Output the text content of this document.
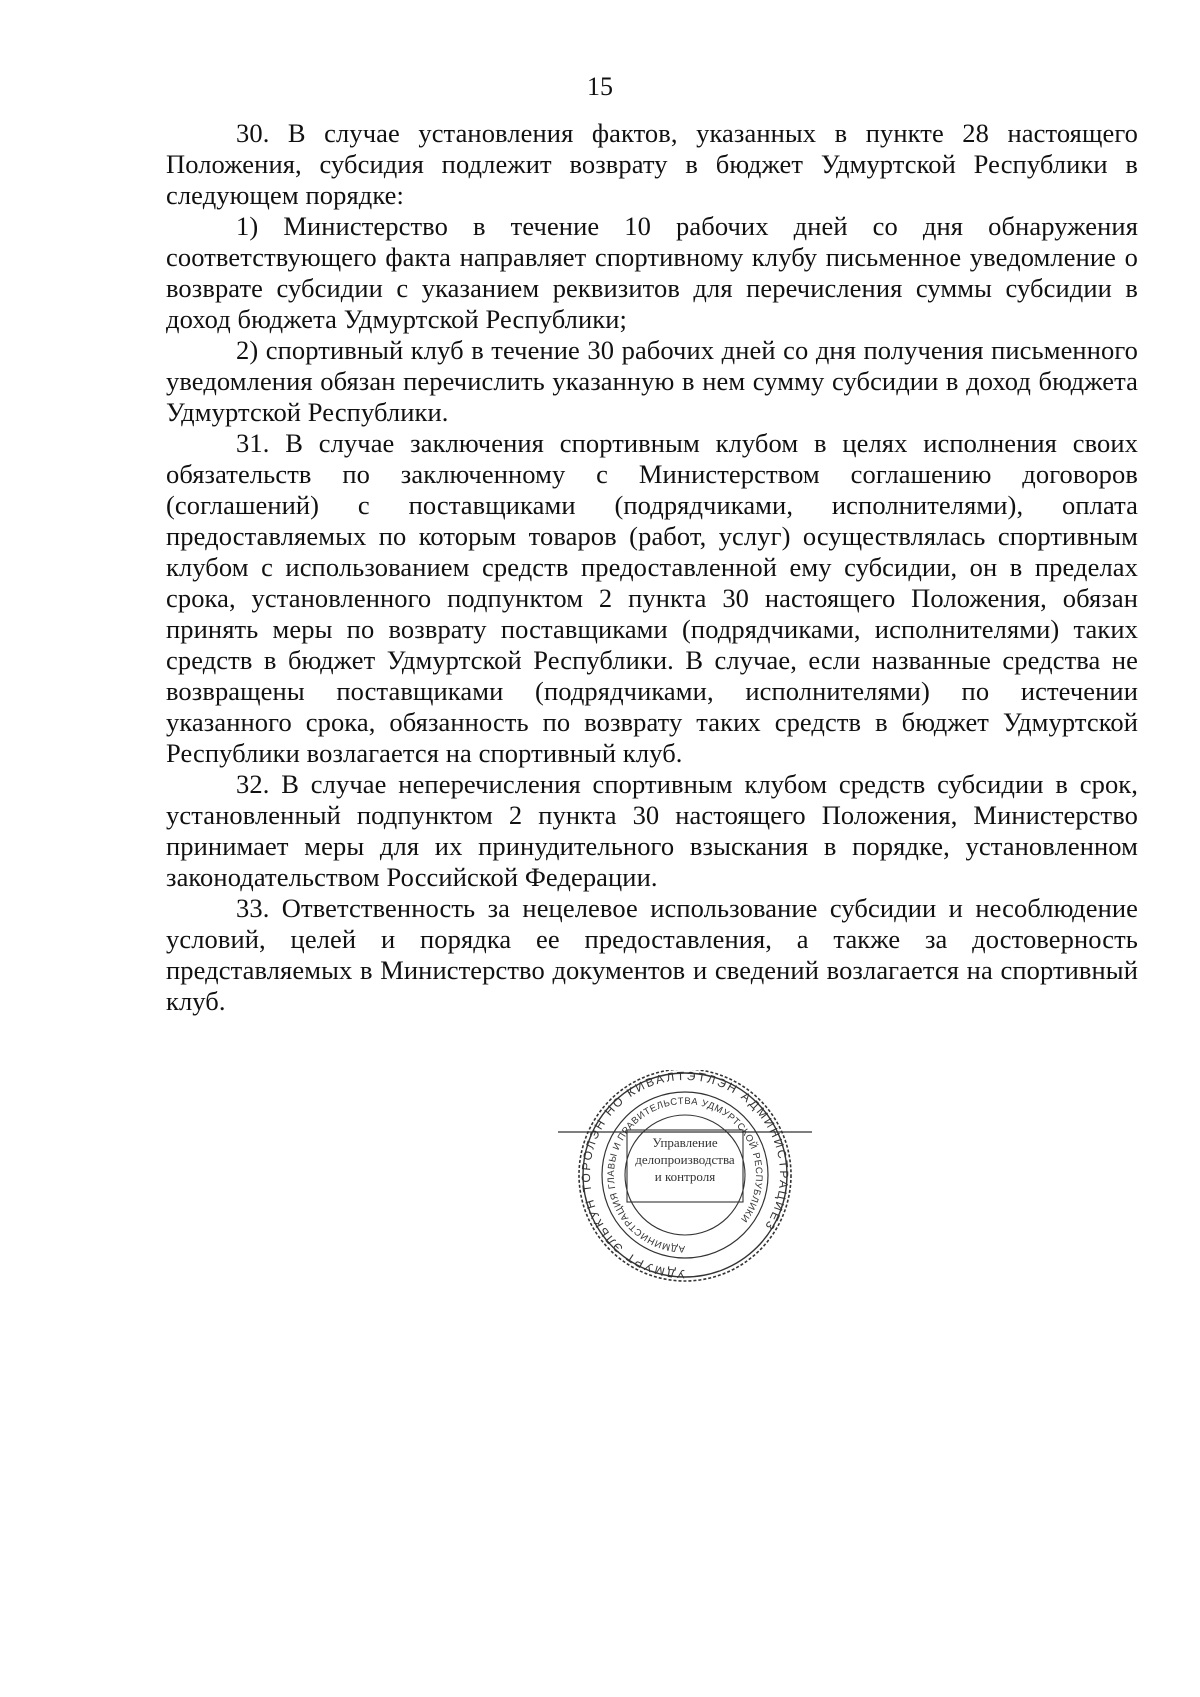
15

30. В случае установления фактов, указанных в пункте 28 настоящего Положения, субсидия подлежит возврату в бюджет Удмуртской Республики в следующем порядке:

1) Министерство в течение 10 рабочих дней со дня обнаружения соответствующего факта направляет спортивному клубу письменное уведомление о возврате субсидии с указанием реквизитов для перечисления суммы субсидии в доход бюджета Удмуртской Республики;

2) спортивный клуб в течение 30 рабочих дней со дня получения письменного уведомления обязан перечислить указанную в нем сумму субсидии в доход бюджета Удмуртской Республики.

31. В случае заключения спортивным клубом в целях исполнения своих обязательств по заключенному с Министерством соглашению договоров (соглашений) с поставщиками (подрядчиками, исполнителями), оплата предоставляемых по которым товаров (работ, услуг) осуществлялась спортивным клубом с использованием средств предоставленной ему субсидии, он в пределах срока, установленного подпунктом 2 пункта 30 настоящего Положения, обязан принять меры по возврату поставщиками (подрядчиками, исполнителями) таких средств в бюджет Удмуртской Республики. В случае, если названные средства не возвращены поставщиками (подрядчиками, исполнителями) по истечении указанного срока, обязанность по возврату таких средств в бюджет Удмуртской Республики возлагается на спортивный клуб.

32. В случае неперечисления спортивным клубом средств субсидии в срок, установленный подпунктом 2 пункта 30 настоящего Положения, Министерство принимает меры для их принудительного взыскания в порядке, установленном законодательством Российской Федерации.

33. Ответственность за нецелевое использование субсидии и несоблюдение условий, целей и порядка ее предоставления, а также за достоверность представляемых в Министерство документов и сведений возлагается на спортивный клуб.

УДМУРТ ЭЛЬКУН ТОРОЛЭН НО КИВАЛТЭТЛЭН АДМИНИСТРАЦИЕЗ
АДМИНИСТРАЦИЯ ГЛАВЫ И ПРАВИТЕЛЬСТВА УДМУРТСКОЙ РЕСПУБЛИКИ
Управление
делопроизводства
и контроля
